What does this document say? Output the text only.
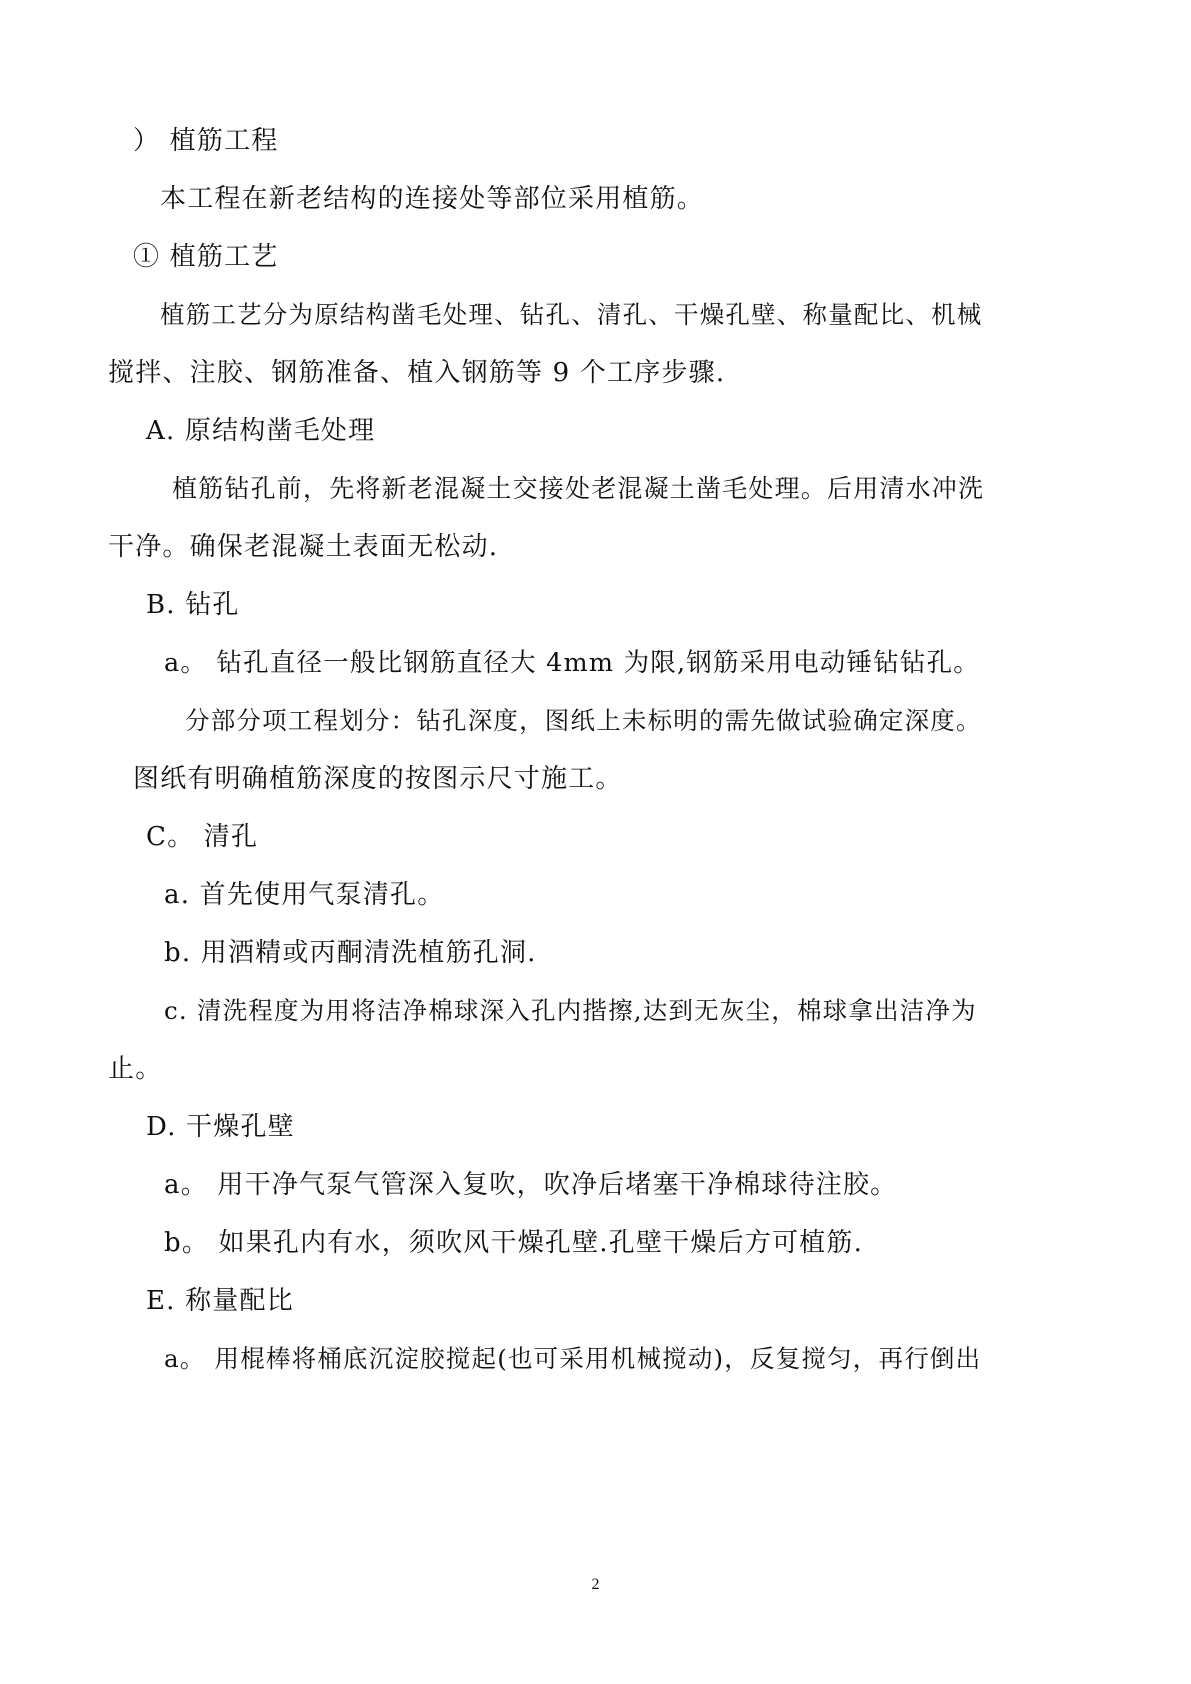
） 植筋工程
本工程在新老结构的连接处等部位采用植筋。
① 植筋工艺
植筋工艺分为原结构凿毛处理、钻孔、清孔、干燥孔壁、称量配比、机械
搅拌、注胶、钢筋准备、植入钢筋等 9 个工序步骤.
A. 原结构凿毛处理
植筋钻孔前，先将新老混凝土交接处老混凝土凿毛处理。后用清水冲洗
干净。确保老混凝土表面无松动.
B. 钻孔
a。 钻孔直径一般比钢筋直径大 4mm 为限,钢筋采用电动锤钻钻孔。
分部分项工程划分：钻孔深度，图纸上未标明的需先做试验确定深度。
图纸有明确植筋深度的按图示尺寸施工。
C。 清孔
a. 首先使用气泵清孔。
b. 用酒精或丙酮清洗植筋孔洞.
c. 清洗程度为用将洁净棉球深入孔内揩擦,达到无灰尘，棉球拿出洁净为
止。
D. 干燥孔壁
a。 用干净气泵气管深入复吹，吹净后堵塞干净棉球待注胶。
b。 如果孔内有水，须吹风干燥孔壁.孔壁干燥后方可植筋.
E. 称量配比
a。 用棍棒将桶底沉淀胶搅起(也可采用机械搅动)，反复搅匀，再行倒出
2
